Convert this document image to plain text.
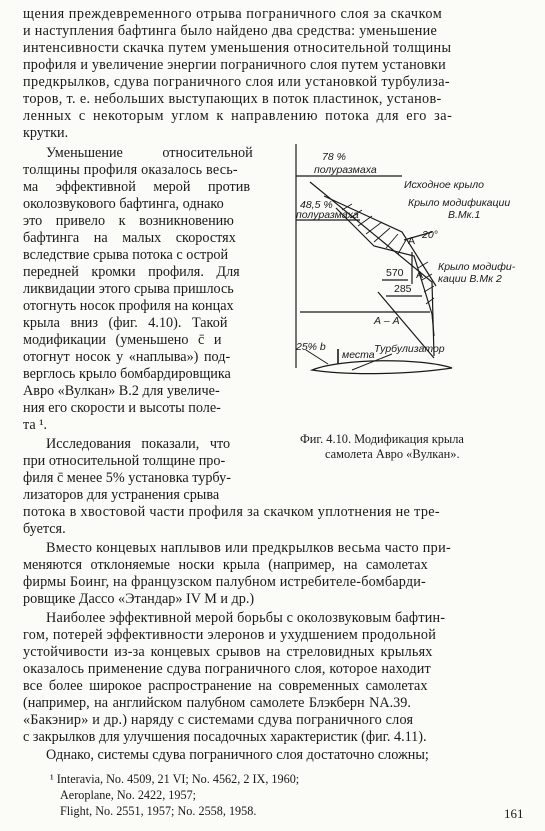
щения преждевременного отрыва пограничного слоя за скачком
и наступления бафтинга было найдено два средства: уменьшение
интенсивности скачка путем уменьшения относительной толщины
профиля и увеличение энергии пограничного слоя путем установки
предкрылков, сдува пограничного слоя или установкой турбулиза-
торов, т. е. небольших выступающих в поток пластинок, установ-
ленных с некоторым углом к направлению потока для его за-
крутки.
Уменьшение относительной
толщины профиля оказалось весь-
ма эффективной мерой против
околозвукового бафтинга, однако
это привело к возникновению
бафтинга на малых скоростях
вследствие срыва потока с острой
передней кромки профиля. Для
ликвидации этого срыва пришлось
отогнуть носок профиля на концах
крыла вниз (фиг. 4.10). Такой
модификации (уменьшено c̄ и
отогнут носок у «наплыва») под-
верглось крыло бомбардировщика
Авро «Вулкан» В.2 для увеличе-
ния его скорости и высоты поле-
та ¹.
Исследования показали, что
при относительной толщине про-
филя c̄ менее 5% установка турбу-
лизаторов для устранения срыва
потока в хвостовой части профиля за скачком уплотнения не тре-
буется.
Вместо концевых наплывов или предкрылков весьма часто при-
меняются отклоняемые носки крыла (например, на самолетах
фирмы Боинг, на французском палубном истребителе-бомбарди-
ровщике Дассо «Этандар» IV М и др.)
Наиболее эффективной мерой борьбы с околозвуковым бафтин-
гом, потерей эффективности элеронов и ухудшением продольной
устойчивости из-за концевых срывов на стреловидных крыльях
оказалось применение сдува пограничного слоя, которое находит
все более широкое распространение на современных самолетах
(например, на английском палубном самолете Блэкберн NA.39.
«Бакэнир» и др.) наряду с системами сдува пограничного слоя
с закрылков для улучшения посадочных характеристик (фиг. 4.11).
Однако, системы сдува пограничного слоя достаточно сложны;
¹ Interavia, No. 4509, 21 VI; No. 4562, 2 IX, 1960;
Aeroplane, No. 2422, 1957;
Flight, No. 2551, 1957; No. 2558, 1958.	161
78 %
полуразмаха
48,5 %
полуразмаха
Исходное крыло
Крыло модификации
В.Мк.1
20°
А
А
570
285
Крыло модифи-
кации В.Мк 2
А – А
25% b
места Турбулизатор
Фиг. 4.10. Модификация крыла
самолета Авро «Вулкан».
